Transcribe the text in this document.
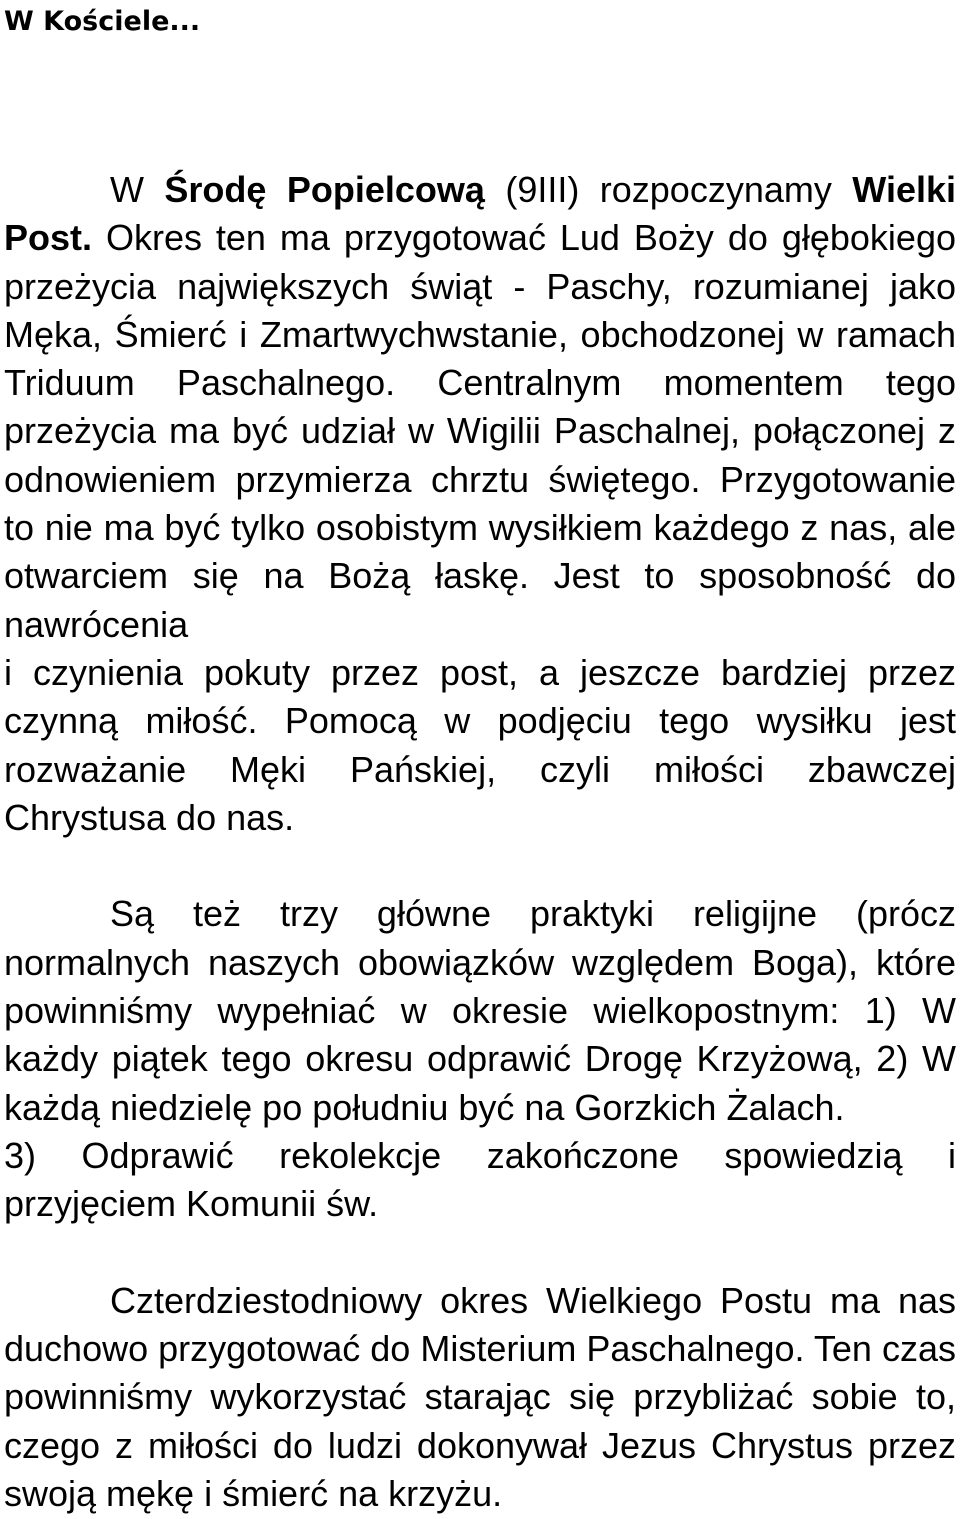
W Kościele...

W Środę Popielcową (9III) rozpoczynamy Wielki Post. Okres ten ma przygotować Lud Boży do głębokiego przeżycia największych świąt - Paschy, rozumianej jako Męka, Śmierć i Zmartwychwstanie, obchodzonej w ramach Triduum Paschalnego. Centralnym momentem tego przeżycia ma być udział w Wigilii Paschalnej, połączonej z odnowieniem przymierza chrztu świętego. Przygotowanie to nie ma być tylko osobistym wysiłkiem każdego z nas, ale otwarciem się na Bożą łaskę. Jest to sposobność do nawrócenia

i czynienia pokuty przez post, a jeszcze bardziej przez czynną miłość. Pomocą w podjęciu tego wysiłku jest rozważanie Męki Pańskiej, czyli miłości zbawczej Chrystusa do nas.

Są też trzy główne praktyki religijne (prócz normalnych naszych obowiązków względem Boga), które powinniśmy wypełniać w okresie wielkopostnym: 1) W każdy piątek tego okresu odprawić Drogę Krzyżową, 2) W każdą niedzielę po południu być na Gorzkich Żalach.

3) Odprawić rekolekcje zakończone spowiedzią i przyjęciem Komunii św.

Czterdziestodniowy okres Wielkiego Postu ma nas duchowo przygotować do Misterium Paschalnego. Ten czas powinniśmy wykorzystać starając się przybliżać sobie to, czego z miłości do ludzi dokonywał Jezus Chrystus przez swoją mękę i śmierć na krzyżu.
